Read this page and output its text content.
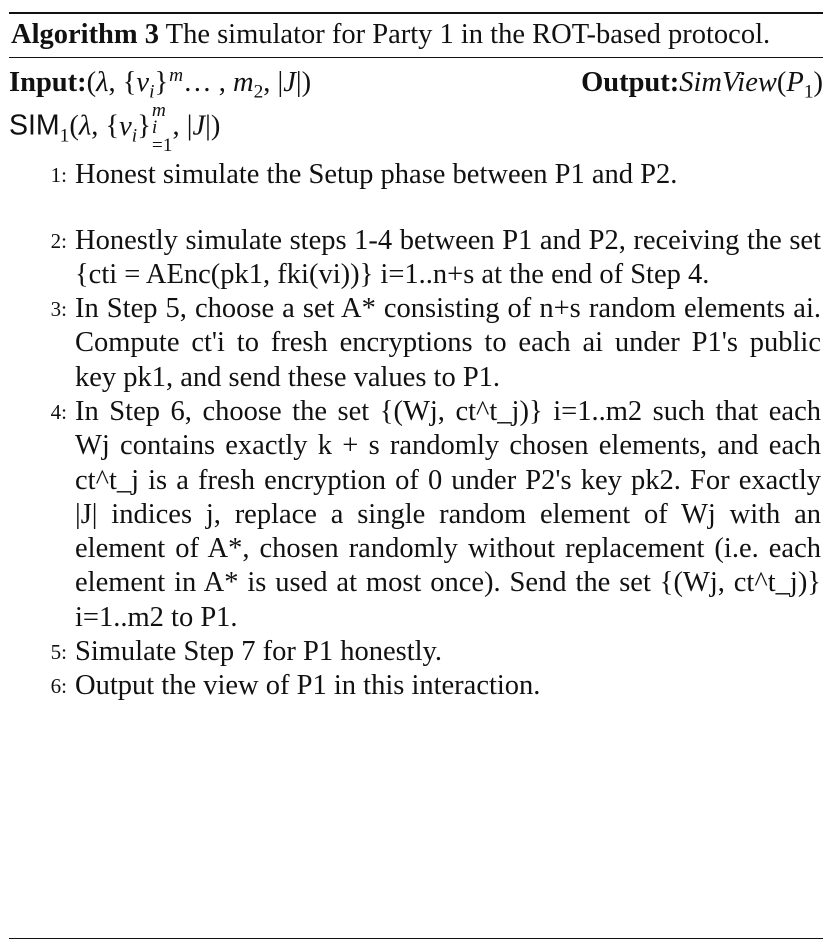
Algorithm 3 The simulator for Party 1 in the ROT-based protocol.
Input:(λ, $\{v_i\}$ m
… , $m_2$, |J|)	$Output:SimView(P_1)$
$SIM_1(\lambda$, $\{v_i\}$
m
i
=1
, |J|)
1: Honest simulate the Setup phase between P1 and P2.
2: Honestly simulate steps 1-4 between P1 and P2, receiving the set {cti = AEnc(pk1, fki(vi))} i=1..n+s at the end of Step 4.
3: In Step 5, choose a set A* consisting of n+s random elements ai. Compute ct'i to fresh encryptions to each ai under P1's public key pk1, and send these values to P1.
4: In Step 6, choose the set {(Wj, ct^t_j)} i=1..m2 such that each Wj contains exactly k + s randomly chosen elements, and each ct^t_j is a fresh encryption of 0 under P2's key pk2. For exactly |J| indices j, replace a single random element of Wj with an element of A*, chosen randomly without replacement (i.e. each element in A* is used at most once). Send the set {(Wj, ct^t_j)} i=1..m2 to P1.
5: Simulate Step 7 for P1 honestly.
6: Output the view of P1 in this interaction.
